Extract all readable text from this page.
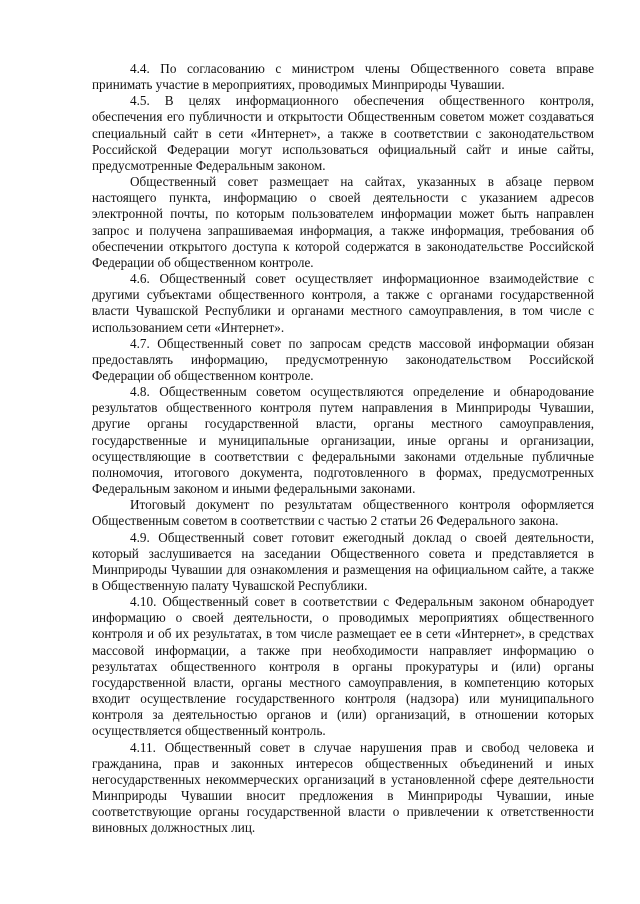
4.4. По согласованию с министром члены Общественного совета вправе принимать участие в мероприятиях, проводимых Минприроды Чувашии.

4.5. В целях информационного обеспечения общественного контроля, обеспечения его публичности и открытости Общественным советом может создаваться специальный сайт в сети «Интернет», а также в соответствии с законодательством Российской Федерации могут использоваться официальный сайт и иные сайты, предусмотренные Федеральным законом.

Общественный совет размещает на сайтах, указанных в абзаце первом настоящего пункта, информацию о своей деятельности с указанием адресов электронной почты, по которым пользователем информации может быть направлен запрос и получена запрашиваемая информация, а также информация, требования об обеспечении открытого доступа к которой содержатся в законодательстве Российской Федерации об общественном контроле.

4.6. Общественный совет осуществляет информационное взаимодействие с другими субъектами общественного контроля, а также с органами государственной власти Чувашской Республики и органами местного самоуправления, в том числе с использованием сети «Интернет».

4.7. Общественный совет по запросам средств массовой информации обязан предоставлять информацию, предусмотренную законодательством Российской Федерации об общественном контроле.

4.8. Общественным советом осуществляются определение и обнародование результатов общественного контроля путем направления в Минприроды Чувашии, другие органы государственной власти, органы местного самоуправления, государственные и муниципальные организации, иные органы и организации, осуществляющие в соответствии с федеральными законами отдельные публичные полномочия, итогового документа, подготовленного в формах, предусмотренных Федеральным законом и иными федеральными законами.

Итоговый документ по результатам общественного контроля оформляется Общественным советом в соответствии с частью 2 статьи 26 Федерального закона.

4.9. Общественный совет готовит ежегодный доклад о своей деятельности, который заслушивается на заседании Общественного совета и представляется в Минприроды Чувашии для ознакомления и размещения на официальном сайте, а также в Общественную палату Чувашской Республики.

4.10. Общественный совет в соответствии с Федеральным законом обнародует информацию о своей деятельности, о проводимых мероприятиях общественного контроля и об их результатах, в том числе размещает ее в сети «Интернет», в средствах массовой информации, а также при необходимости направляет информацию о результатах общественного контроля в органы прокуратуры и (или) органы государственной власти, органы местного самоуправления, в компетенцию которых входит осуществление государственного контроля (надзора) или муниципального контроля за деятельностью органов и (или) организаций, в отношении которых осуществляется общественный контроль.

4.11. Общественный совет в случае нарушения прав и свобод человека и гражданина, прав и законных интересов общественных объединений и иных негосударственных некоммерческих организаций в установленной сфере деятельности Минприроды Чувашии вносит предложения в Минприроды Чувашии, иные соответствующие органы государственной власти о привлечении к ответственности виновных должностных лиц.
